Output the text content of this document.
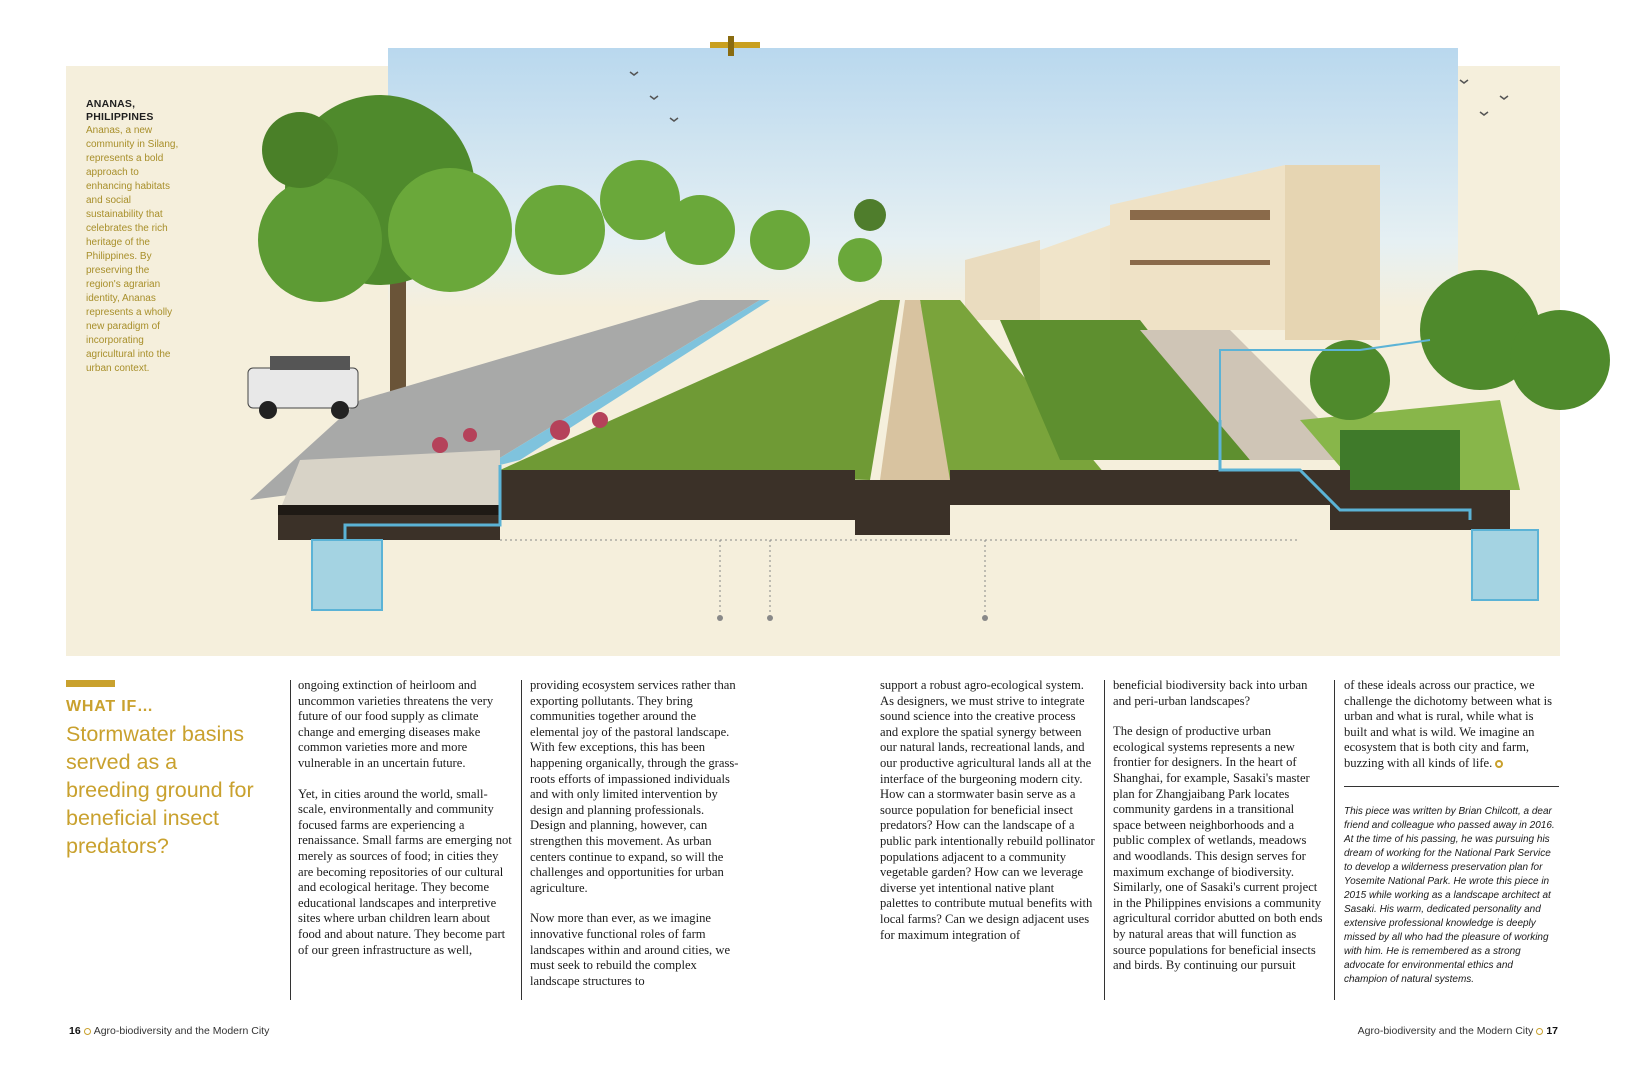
ANANAS, PHILIPPINES
Ananas, a new community in Silang, represents a bold approach to enhancing habitats and social sustainability that celebrates the rich heritage of the Philippines. By preserving the region's agrarian identity, Ananas represents a wholly new paradigm of incorporating agricultural into the urban context.
WHAT IF…
Stormwater basins served as a breeding ground for beneficial insect predators?

ongoing extinction of heirloom and uncommon varieties threatens the very future of our food supply as climate change and emerging diseases make common varieties more and more vulnerable in an uncertain future.

Yet, in cities around the world, small-scale, environmentally and community focused farms are experiencing a renaissance. Small farms are emerging not merely as sources of food; in cities they are becoming repositories of our cultural and ecological heritage. They become educational landscapes and interpretive sites where urban children learn about food and about nature. They become part of our green infrastructure as well,

providing ecosystem services rather than exporting pollutants. They bring communities together around the elemental joy of the pastoral landscape. With few exceptions, this has been happening organically, through the grass-roots efforts of impassioned individuals and with only limited intervention by design and planning professionals. Design and planning, however, can strengthen this movement. As urban centers continue to expand, so will the challenges and opportunities for urban agriculture.

Now more than ever, as we imagine innovative functional roles of farm landscapes within and around cities, we must seek to rebuild the complex landscape structures to

support a robust agro-ecological system. As designers, we must strive to integrate sound science into the creative process and explore the spatial synergy between our natural lands, recreational lands, and our productive agricultural lands all at the interface of the burgeoning modern city. How can a stormwater basin serve as a source population for beneficial insect predators? How can the landscape of a public park intentionally rebuild pollinator populations adjacent to a community vegetable garden? How can we leverage diverse yet intentional native plant palettes to contribute mutual benefits with local farms? Can we design adjacent uses for maximum integration of

beneficial biodiversity back into urban and peri-urban landscapes?

The design of productive urban ecological systems represents a new frontier for designers. In the heart of Shanghai, for example, Sasaki's master plan for Zhangjaibang Park locates community gardens in a transitional space between neighborhoods and a public complex of wetlands, meadows and woodlands. This design serves for maximum exchange of biodiversity. Similarly, one of Sasaki's current project in the Philippines envisions a community agricultural corridor abutted on both ends by natural areas that will function as source populations for beneficial insects and birds. By continuing our pursuit

of these ideals across our practice, we challenge the dichotomy between what is urban and what is rural, while what is built and what is wild. We imagine an ecosystem that is both city and farm, buzzing with all kinds of life.

This piece was written by Brian Chilcott, a dear friend and colleague who passed away in 2016. At the time of his passing, he was pursuing his dream of working for the National Park Service to develop a wilderness preservation plan for Yosemite National Park. He wrote this piece in 2015 while working as a landscape architect at Sasaki. His warm, dedicated personality and extensive professional knowledge is deeply missed by all who had the pleasure of working with him. He is remembered as a strong advocate for environmental ethics and champion of natural systems.
16 Agro-biodiversity and the Modern City	Agro-biodiversity and the Modern City 17
